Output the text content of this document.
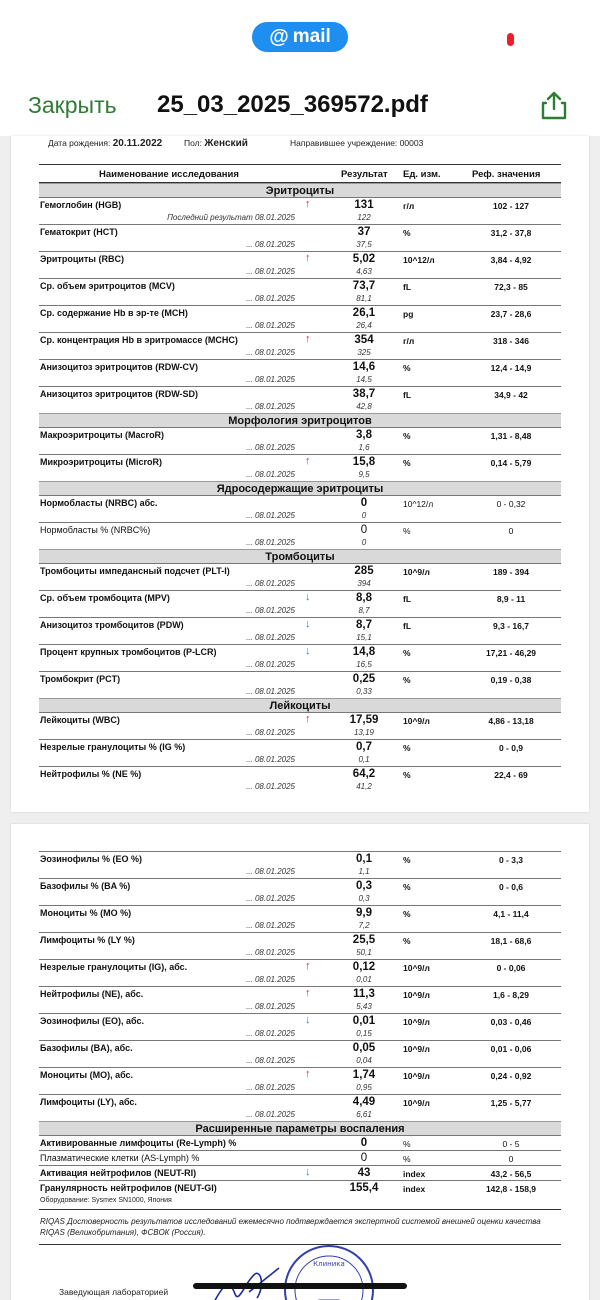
@ mail
Закрыть 25_03_2025_369572.pdf
Дата рождения: 20.11.2022	Пол: Женский	Направившее учреждение: 00003
Наименование исследования	Результат Ед. изм.	Реф. значения
Эритроциты
Гемоглобин (HGB)	↑	131	г/л	102 - 127
Последний результат 08.01.2025	122
Гематокрит (HCT)	37	%	31,2 - 37,8
... 08.01.2025	37,5
Эритроциты (RBC)	↑	5,02	10^12/л	3,84 - 4,92
... 08.01.2025	4,63
Ср. объем эритроцитов (MCV)	73,7	fL	72,3 - 85
... 08.01.2025	81,1
Ср. содержание Hb в эр-те (MCH)	26,1	pg	23,7 - 28,6
... 08.01.2025	26,4
Ср. концентрация Hb в эритромассе (MCHC)	↑	354	г/л	318 - 346
... 08.01.2025	325
Анизоцитоз эритроцитов (RDW-CV)	14,6	%	12,4 - 14,9
... 08.01.2025	14,5
Анизоцитоз эритроцитов (RDW-SD)	38,7	fL	34,9 - 42
... 08.01.2025	42,8
Морфология эритроцитов
Макроэритроциты (MacroR)	3,8	%	1,31 - 8,48
... 08.01.2025	1,6
Микроэритроциты (MicroR)	↑	15,8	%	0,14 - 5,79
... 08.01.2025	9,5
Ядросодержащие эритроциты
Нормобласты (NRBC) абс.	0	10^12/л	0 - 0,32
... 08.01.2025	0
Нормобласты % (NRBC%)	0	%	0
... 08.01.2025	0
Тромбоциты
Тромбоциты импедансный подсчет (PLT-I)	285	10^9/л	189 - 394
... 08.01.2025	394
Ср. объем тромбоцита (MPV)	↓	8,8	fL	8,9 - 11
... 08.01.2025	8,7
Анизоцитоз тромбоцитов (PDW)	↓	8,7	fL	9,3 - 16,7
... 08.01.2025	15,1
Процент крупных тромбоцитов (P-LCR)	↓	14,8	%	17,21 - 46,29
... 08.01.2025	16,5
Тромбокрит (PCT)	0,25	%	0,19 - 0,38
... 08.01.2025	0,33
Лейкоциты
Лейкоциты (WBC)	↑	17,59	10^9/л	4,86 - 13,18
... 08.01.2025	13,19
Незрелые гранулоциты % (IG %)	0,7	%	0 - 0,9
... 08.01.2025	0,1
Нейтрофилы % (NE %)	64,2	%	22,4 - 69
... 08.01.2025	41,2
Эозинофилы % (EO %)	0,1	%	0 - 3,3
... 08.01.2025	1,1
Базофилы % (BA %)	0,3	%	0 - 0,6
... 08.01.2025	0,3
Моноциты % (MO %)	9,9	%	4,1 - 11,4
... 08.01.2025	7,2
Лимфоциты % (LY %)	25,5	%	18,1 - 68,6
... 08.01.2025	50,1
Незрелые гранулоциты (IG), абс.	↑	0,12	10^9/л	0 - 0,06
... 08.01.2025	0,01
Нейтрофилы (NE), абс.	↑	11,3	10^9/л	1,6 - 8,29
... 08.01.2025	5,43
Эозинофилы (EO), абс.	↓	0,01	10^9/л	0,03 - 0,46
... 08.01.2025	0,15
Базофилы (BA), абс.	0,05	10^9/л	0,01 - 0,06
... 08.01.2025	0,04
Моноциты (MO), абс.	↑	1,74	10^9/л	0,24 - 0,92
... 08.01.2025	0,95
Лимфоциты (LY), абс.	4,49	10^9/л	1,25 - 5,77
... 08.01.2025	6,61
Расширенные параметры воспаления
Активированные лимфоциты (Re-Lymph) %	0	%	0 - 5
Плазматические клетки (AS-Lymph) %	0	%	0
Активация нейтрофилов (NEUT-RI)	↓	43	index	43,2 - 56,5
Гранулярность нейтрофилов (NEUT-GI)	155,4	index	142,8 - 158,9
Оборудование: Sysmex SN1000, Япония
RIQAS Достоверность результатов исследований ежемесячно подтверждается экспертной системой внешней оценки качества RIQAS (Великобритания), ФСВОК (Россия).
Заведующая лабораторией
Клиника
